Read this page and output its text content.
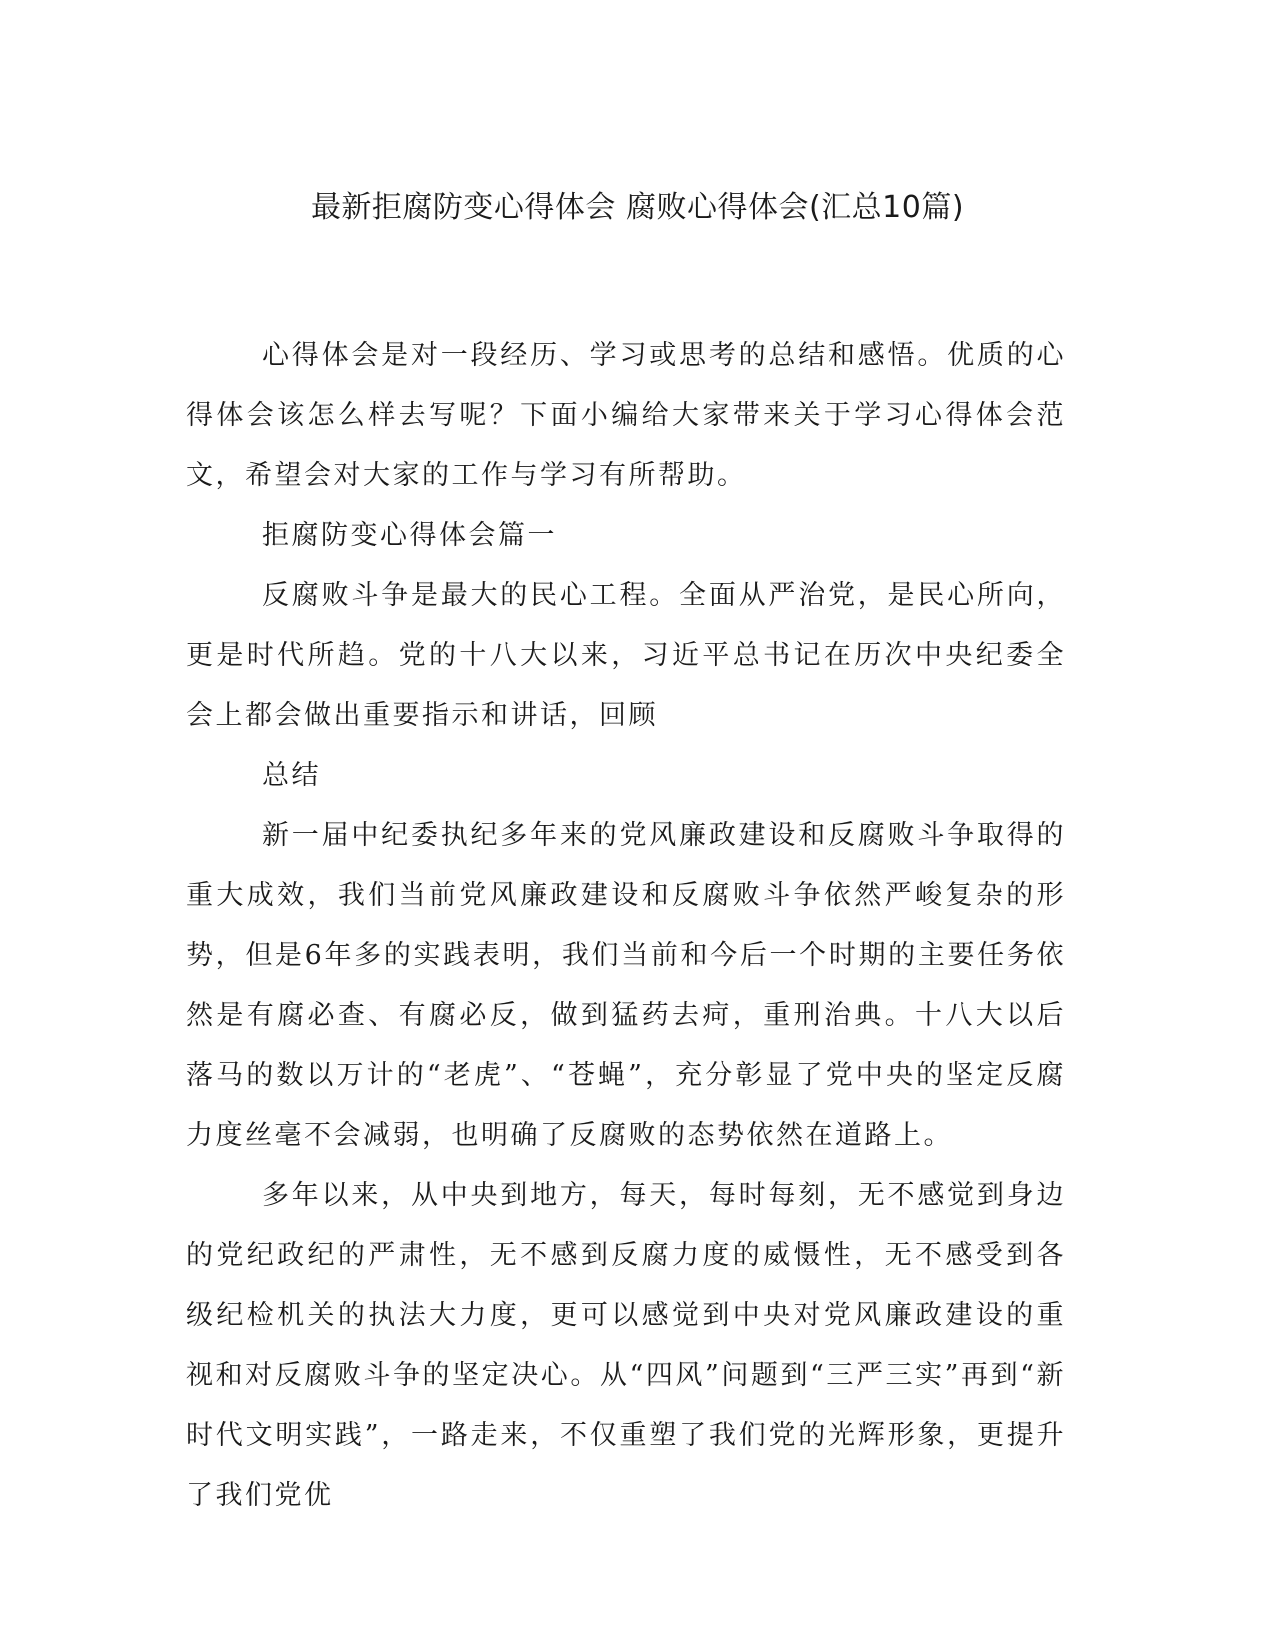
最新拒腐防变心得体会 腐败心得体会(汇总10篇)

心得体会是对一段经历、学习或思考的总结和感悟。优质的心得体会该怎么样去写呢？下面小编给大家带来关于学习心得体会范文，希望会对大家的工作与学习有所帮助。

拒腐防变心得体会篇一

反腐败斗争是最大的民心工程。全面从严治党，是民心所向，更是时代所趋。党的十八大以来，习近平总书记在历次中央纪委全会上都会做出重要指示和讲话，回顾

总结

新一届中纪委执纪多年来的党风廉政建设和反腐败斗争取得的重大成效，我们当前党风廉政建设和反腐败斗争依然严峻复杂的形势，但是6年多的实践表明，我们当前和今后一个时期的主要任务依然是有腐必查、有腐必反，做到猛药去疴，重刑治典。十八大以后落马的数以万计的“老虎”、“苍蝇”，充分彰显了党中央的坚定反腐力度丝毫不会减弱，也明确了反腐败的态势依然在道路上。

多年以来，从中央到地方，每天，每时每刻，无不感觉到身边的党纪政纪的严肃性，无不感到反腐力度的威慑性，无不感受到各级纪检机关的执法大力度，更可以感觉到中央对党风廉政建设的重视和对反腐败斗争的坚定决心。从“四风”问题到“三严三实”再到“新时代文明实践”，一路走来，不仅重塑了我们党的光辉形象，更提升了我们党优
